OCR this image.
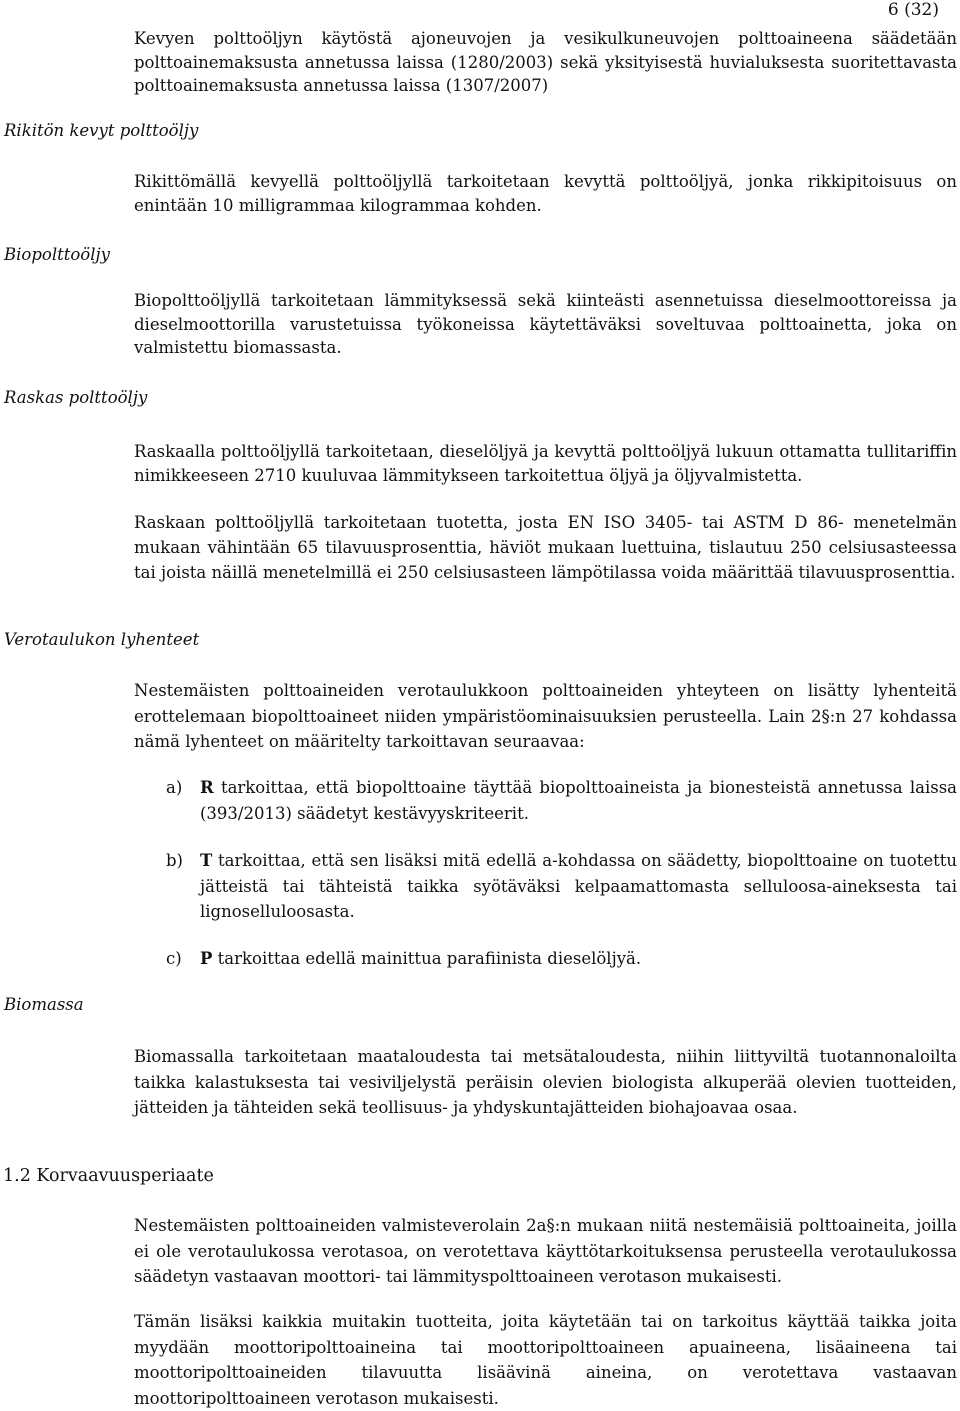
6 (32)

Kevyen polttoöljyn käytöstä ajoneuvojen ja vesikulkuneuvojen polttoaineena säädetään polttoainemaksusta annetussa laissa (1280/2003) sekä yksityisestä huvialuksesta suoritettavasta polttoainemaksusta annetussa laissa (1307/2007)

Rikitön kevyt polttoöljy

Rikittömällä kevyellä polttoöljyllä tarkoitetaan kevyttä polttoöljyä, jonka rikkipitoisuus on enintään 10 milligrammaa kilogrammaa kohden.

Biopolttoöljy

Biopolttoöljyllä tarkoitetaan lämmityksessä sekä kiinteästi asennetuissa dieselmoottoreissa ja dieselmoottorilla varustetuissa työkoneissa käytettäväksi soveltuvaa polttoainetta, joka on valmistettu biomassasta.

Raskas polttoöljy

Raskaalla polttoöljyllä tarkoitetaan, dieselöljyä ja kevyttä polttoöljyä lukuun ottamatta tullitariffin nimikkeeseen 2710 kuuluvaa lämmitykseen tarkoitettua öljyä ja öljyvalmistetta.

Raskaan polttoöljyllä tarkoitetaan tuotetta, josta EN ISO 3405- tai ASTM D 86- menetelmän mukaan vähintään 65 tilavuusprosenttia, häviöt mukaan luettuina, tislautuu 250 celsiusasteessa tai joista näillä menetelmillä ei 250 celsiusasteen lämpötilassa voida määrittää tilavuusprosenttia.

Verotaulukon lyhenteet

Nestemäisten polttoaineiden verotaulukkoon polttoaineiden yhteyteen on lisätty lyhenteitä erottelemaan biopolttoaineet niiden ympäristöominaisuuksien perusteella. Lain 2§:n 27 kohdassa nämä lyhenteet on määritelty tarkoittavan seuraavaa:

a) R tarkoittaa, että biopolttoaine täyttää biopolttoaineista ja bionesteistä annetussa laissa (393/2013) säädetyt kestävyyskriteerit.
b) T tarkoittaa, että sen lisäksi mitä edellä a-kohdassa on säädetty, biopolttoaine on tuotettu jätteistä tai tähteistä taikka syötäväksi kelpaamattomasta selluloosa-aineksesta tai lignoselluloosasta.
c) P tarkoittaa edellä mainittua parafiinista dieselöljyä.
Biomassa

Biomassalla tarkoitetaan maataloudesta tai metsätaloudesta, niihin liittyviltä tuotannonaloilta taikka kalastuksesta tai vesiviljelystä peräisin olevien biologista alkuperää olevien tuotteiden, jätteiden ja tähteiden sekä teollisuus- ja yhdyskuntajätteiden biohajoavaa osaa.

1.2 Korvaavuusperiaate

Nestemäisten polttoaineiden valmisteverolain 2a§:n mukaan niitä nestemäisiä polttoaineita, joilla ei ole verotaulukossa verotasoa, on verotettava käyttötarkoituksensa perusteella verotaulukossa säädetyn vastaavan moottori- tai lämmityspolttoaineen verotason mukaisesti.

Tämän lisäksi kaikkia muitakin tuotteita, joita käytetään tai on tarkoitus käyttää taikka joita myydään moottoripolttoaineina tai moottoripolttoaineen apuaineena, lisäaineena tai moottoripolttoaineiden tilavuutta lisäävinä aineina, on verotettava vastaavan moottoripolttoaineen verotason mukaisesti.
